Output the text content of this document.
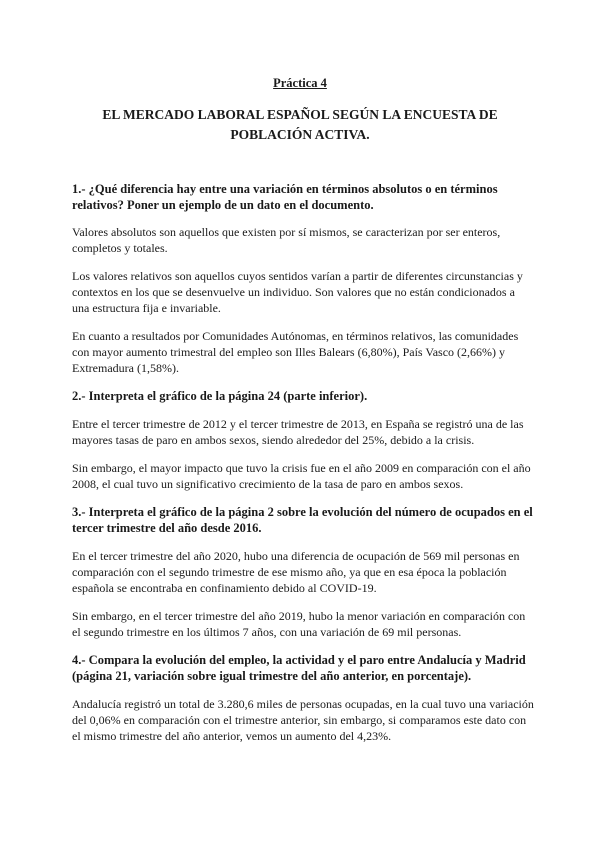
Práctica 4
EL MERCADO LABORAL ESPAÑOL SEGÚN LA ENCUESTA DE POBLACIÓN ACTIVA.

1.- ¿Qué diferencia hay entre una variación en términos absolutos o en términos relativos? Poner un ejemplo de un dato en el documento.

Valores absolutos son aquellos que existen por sí mismos, se caracterizan por ser enteros, completos y totales.

Los valores relativos son aquellos cuyos sentidos varían a partir de diferentes circunstancias y contextos en los que se desenvuelve un individuo. Son valores que no están condicionados a una estructura fija e invariable.

En cuanto a resultados por Comunidades Autónomas, en términos relativos, las comunidades con mayor aumento trimestral del empleo son Illes Balears (6,80%), País Vasco (2,66%) y Extremadura (1,58%).

2.- Interpreta el gráfico de la página 24 (parte inferior).

Entre el tercer trimestre de 2012 y el tercer trimestre de 2013, en España se registró una de las mayores tasas de paro en ambos sexos, siendo alrededor del 25%, debido a la crisis.

Sin embargo, el mayor impacto que tuvo la crisis fue en el año 2009 en comparación con el año 2008, el cual tuvo un significativo crecimiento de la tasa de paro en ambos sexos.

3.- Interpreta el gráfico de la página 2 sobre la evolución del número de ocupados en el tercer trimestre del año desde 2016.

En el tercer trimestre del año 2020, hubo una diferencia de ocupación de 569 mil personas en comparación con el segundo trimestre de ese mismo año, ya que en esa época la población española se encontraba en confinamiento debido al COVID-19.

Sin embargo, en el tercer trimestre del año 2019, hubo la menor variación en comparación con el segundo trimestre en los últimos 7 años, con una variación de 69 mil personas.

4.- Compara la evolución del empleo, la actividad y el paro entre Andalucía y Madrid (página 21, variación sobre igual trimestre del año anterior, en porcentaje).

Andalucía registró un total de 3.280,6 miles de personas ocupadas, en la cual tuvo una variación del 0,06% en comparación con el trimestre anterior, sin embargo, si comparamos este dato con el mismo trimestre del año anterior, vemos un aumento del 4,23%.
